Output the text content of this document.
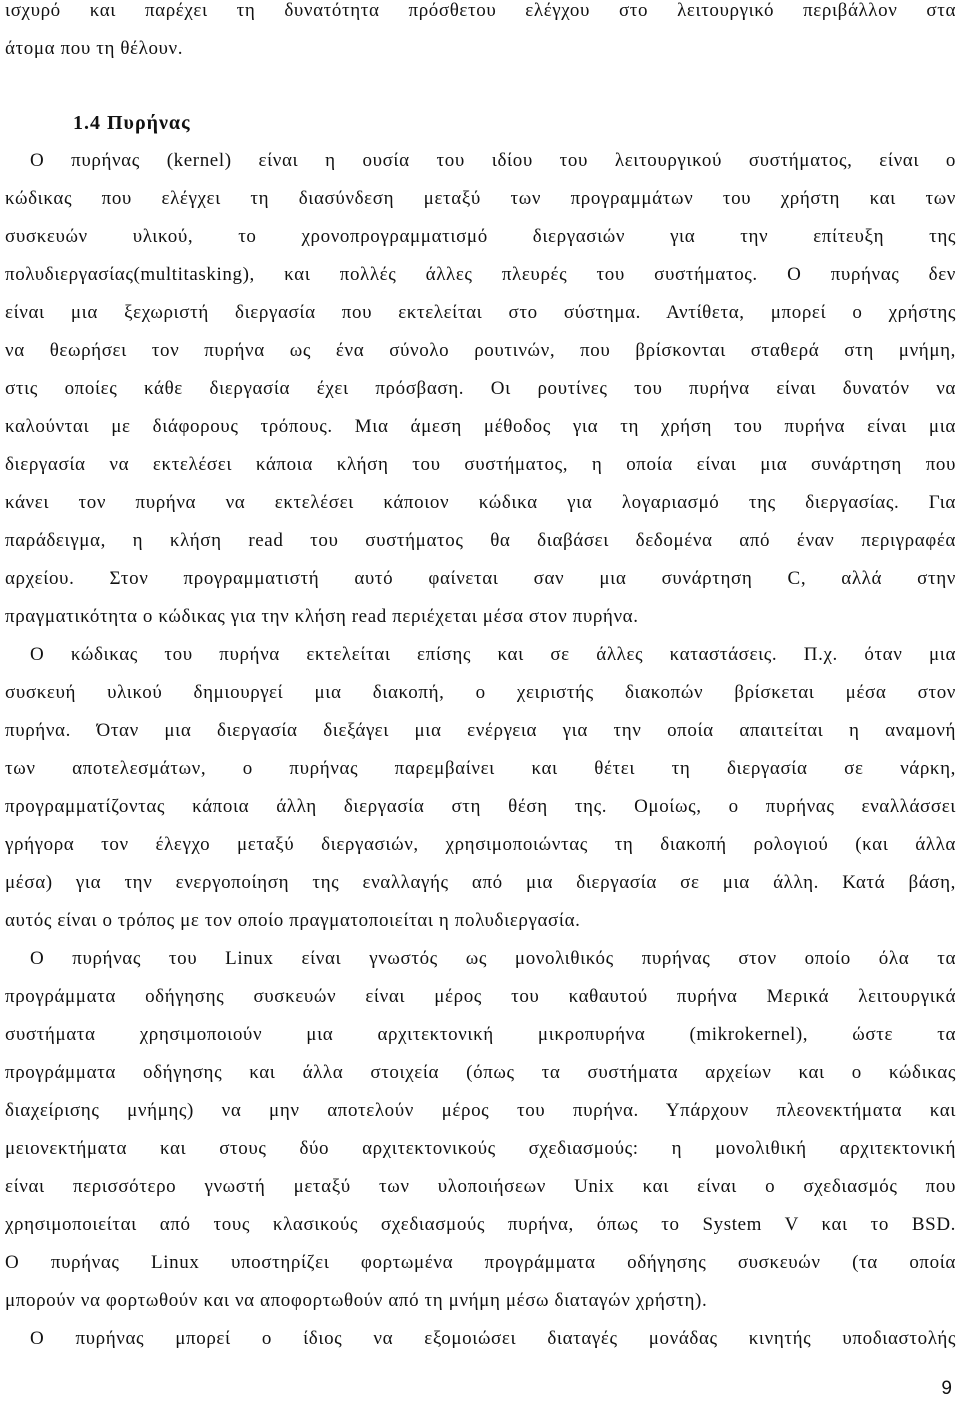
ισχυρό και παρέχει τη δυνατότητα πρόσθετου ελέγχου στο λειτουργικό περιβάλλον στα
άτομα που τη θέλουν.
1.4 Πυρήνας
Ο πυρήνας (kernel) είναι η ουσία του ιδίου του λειτουργικού συστήματος, είναι ο
κώδικας που ελέγχει τη διασύνδεση μεταξύ των προγραμμάτων του χρήστη και των
συσκευών υλικού, το χρονοπρογραμματισμό διεργασιών για την επίτευξη της
πολυδιεργασίας(multitasking), και πολλές άλλες πλευρές του συστήματος. Ο πυρήνας δεν
είναι μια ξεχωριστή διεργασία που εκτελείται στο σύστημα. Αντίθετα, μπορεί ο χρήστης
να θεωρήσει τον πυρήνα ως ένα σύνολο ρουτινών, που βρίσκονται σταθερά στη μνήμη,
στις οποίες κάθε διεργασία έχει πρόσβαση. Οι ρουτίνες του πυρήνα είναι δυνατόν να
καλούνται με διάφορους τρόπους. Μια άμεση μέθοδος για τη χρήση του πυρήνα είναι μια
διεργασία να εκτελέσει κάποια κλήση του συστήματος, η οποία είναι μια συνάρτηση που
κάνει τον πυρήνα να εκτελέσει κάποιον κώδικα για λογαριασμό της διεργασίας. Για
παράδειγμα, η κλήση read του συστήματος θα διαβάσει δεδομένα από έναν περιγραφέα
αρχείου. Στον προγραμματιστή αυτό φαίνεται σαν μια συνάρτηση C, αλλά στην
πραγματικότητα ο κώδικας για την κλήση read περιέχεται μέσα στον πυρήνα.
Ο κώδικας του πυρήνα εκτελείται επίσης και σε άλλες καταστάσεις. Π.χ. όταν μια
συσκευή υλικού δημιουργεί μια διακοπή, ο χειριστής διακοπών βρίσκεται μέσα στον
πυρήνα. Όταν μια διεργασία διεξάγει μια ενέργεια για την οποία απαιτείται η αναμονή
των αποτελεσμάτων, ο πυρήνας παρεμβαίνει και θέτει τη διεργασία σε νάρκη,
προγραμματίζοντας κάποια άλλη διεργασία στη θέση της. Ομοίως, ο πυρήνας εναλλάσσει
γρήγορα τον έλεγχο μεταξύ διεργασιών, χρησιμοποιώντας τη διακοπή ρολογιού (και άλλα
μέσα) για την ενεργοποίηση της εναλλαγής από μια διεργασία σε μια άλλη. Κατά βάση,
αυτός είναι ο τρόπος με τον οποίο πραγματοποιείται η πολυδιεργασία.
Ο πυρήνας του Linux είναι γνωστός ως μονολιθικός πυρήνας στον οποίο όλα τα
προγράμματα οδήγησης συσκευών είναι μέρος του καθαυτού πυρήνα Μερικά λειτουργικά
συστήματα χρησιμοποιούν μια αρχιτεκτονική μικροπυρήνα (mikrokernel), ώστε τα
προγράμματα οδήγησης και άλλα στοιχεία (όπως τα συστήματα αρχείων και ο κώδικας
διαχείρισης μνήμης) να μην αποτελούν μέρος του πυρήνα. Υπάρχουν πλεονεκτήματα και
μειονεκτήματα και στους δύο αρχιτεκτονικούς σχεδιασμούς: η μονολιθική αρχιτεκτονική
είναι περισσότερο γνωστή μεταξύ των υλοποιήσεων Unix και είναι ο σχεδιασμός που
χρησιμοποιείται από τους κλασικούς σχεδιασμούς πυρήνα, όπως το System V και το BSD.
Ο πυρήνας Linux υποστηρίζει φορτωμένα προγράμματα οδήγησης συσκευών (τα οποία
μπορούν να φορτωθούν και να αποφορτωθούν από τη μνήμη μέσω διαταγών χρήστη).
Ο πυρήνας μπορεί ο ίδιος να εξομοιώσει διαταγές μονάδας κινητής υποδιαστολής
9
